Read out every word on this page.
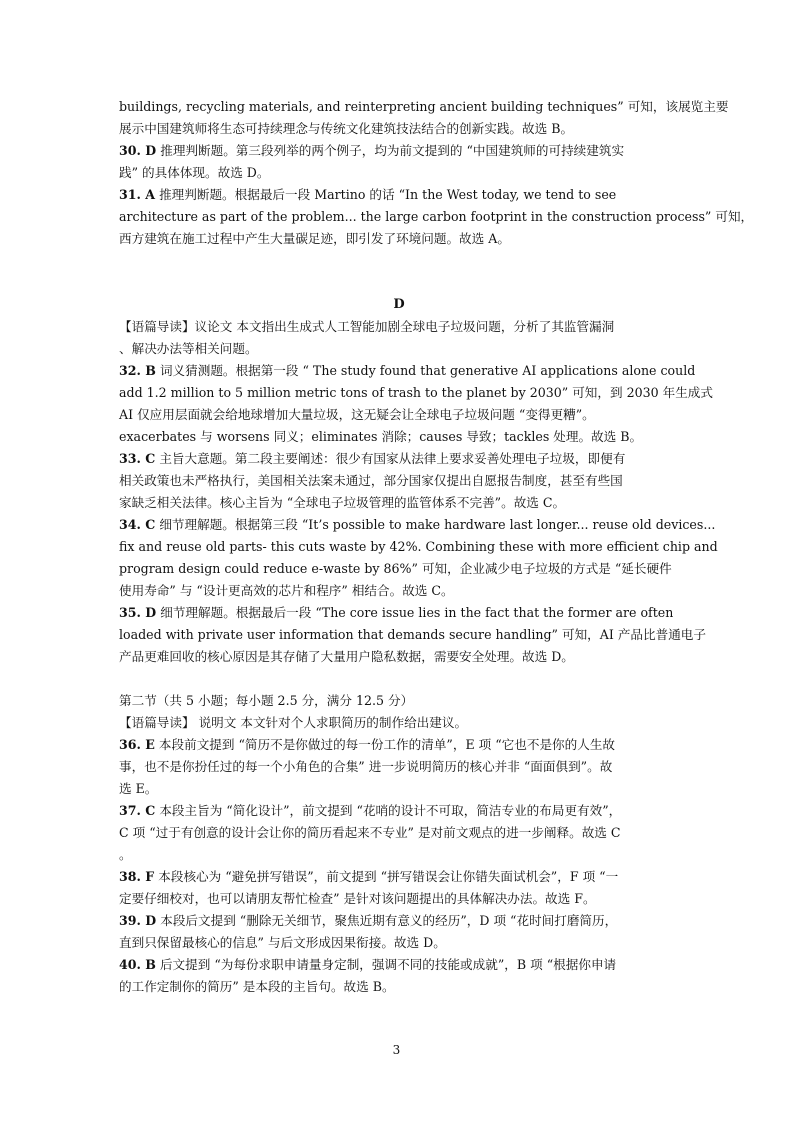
buildings, recycling materials, and reinterpreting ancient building techniques” 可知，该展览主要
展示中国建筑师将生态可持续理念与传统文化建筑技法结合的创新实践。故选 B。
30. D 推理判断题。第三段列举的两个例子，均为前文提到的 “中国建筑师的可持续建筑实
践” 的具体体现。故选 D。
31. A 推理判断题。根据最后一段 Martino 的话 “In the West today, we tend to see
architecture as part of the problem... the large carbon footprint in the construction process” 可知，
西方建筑在施工过程中产生大量碳足迹，即引发了环境问题。故选 A。
D
【语篇导读】议论文 本文指出生成式人工智能加剧全球电子垃圾问题，分析了其监管漏洞
、解决办法等相关问题。
32. B 词义猜测题。根据第一段 “ The study found that generative AI applications alone could
add 1.2 million to 5 million metric tons of trash to the planet by 2030” 可知，到 2030 年生成式
AI 仅应用层面就会给地球增加大量垃圾，这无疑会让全球电子垃圾问题 “变得更糟”。
exacerbates 与 worsens 同义；eliminates 消除；causes 导致；tackles 处理。故选 B。
33. C 主旨大意题。第二段主要阐述：很少有国家从法律上要求妥善处理电子垃圾，即便有
相关政策也未严格执行，美国相关法案未通过，部分国家仅提出自愿报告制度，甚至有些国
家缺乏相关法律。核心主旨为 “全球电子垃圾管理的监管体系不完善”。故选 C。
34. C 细节理解题。根据第三段 “It’s possible to make hardware last longer... reuse old devices...
fix and reuse old parts- this cuts waste by 42%. Combining these with more efficient chip and
program design could reduce e-waste by 86%” 可知，企业减少电子垃圾的方式是 “延长硬件
使用寿命” 与 “设计更高效的芯片和程序” 相结合。故选 C。
35. D 细节理解题。根据最后一段 “The core issue lies in the fact that the former are often
loaded with private user information that demands secure handling” 可知，AI 产品比普通电子
产品更难回收的核心原因是其存储了大量用户隐私数据，需要安全处理。故选 D。
第二节（共 5 小题；每小题 2.5 分，满分 12.5 分）
【语篇导读】 说明文 本文针对个人求职简历的制作给出建议。
36. E 本段前文提到 “简历不是你做过的每一份工作的清单”，E 项 “它也不是你的人生故
事，也不是你扮任过的每一个小角色的合集” 进一步说明简历的核心并非 “面面俱到”。故
选 E。
37. C 本段主旨为 “简化设计”，前文提到 “花哨的设计不可取，简洁专业的布局更有效”，
C 项 “过于有创意的设计会让你的简历看起来不专业” 是对前文观点的进一步阐释。故选 C
。
38. F 本段核心为 “避免拼写错误”，前文提到 “拼写错误会让你错失面试机会”，F 项 “一
定要仔细校对，也可以请朋友帮忙检查” 是针对该问题提出的具体解决办法。故选 F。
39. D 本段后文提到 “删除无关细节，聚焦近期有意义的经历”，D 项 “花时间打磨简历，
直到只保留最核心的信息” 与后文形成因果衔接。故选 D。
40. B 后文提到 “为每份求职申请量身定制，强调不同的技能或成就”，B 项 “根据你申请
的工作定制你的简历” 是本段的主旨句。故选 B。
3
